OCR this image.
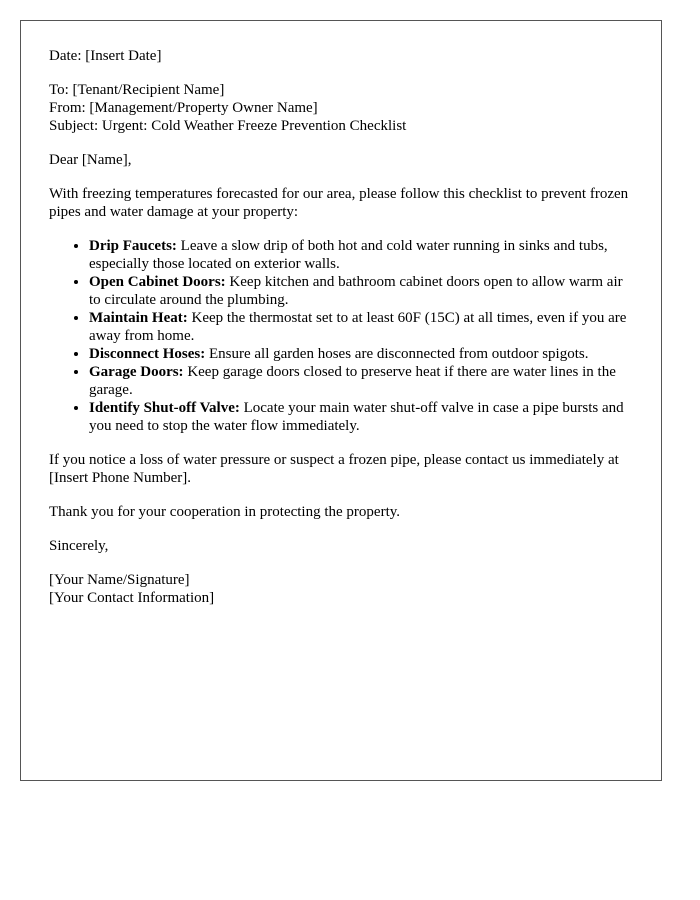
Date: [Insert Date]

To: [Tenant/Recipient Name]
From: [Management/Property Owner Name]
Subject: Urgent: Cold Weather Freeze Prevention Checklist

Dear [Name],

With freezing temperatures forecasted for our area, please follow this checklist to prevent frozen pipes and water damage at your property:

• Drip Faucets: Leave a slow drip of both hot and cold water running in sinks and tubs, especially those located on exterior walls.
• Open Cabinet Doors: Keep kitchen and bathroom cabinet doors open to allow warm air to circulate around the plumbing.
• Maintain Heat: Keep the thermostat set to at least 60F (15C) at all times, even if you are away from home.
• Disconnect Hoses: Ensure all garden hoses are disconnected from outdoor spigots.
• Garage Doors: Keep garage doors closed to preserve heat if there are water lines in the garage.
• Identify Shut-off Valve: Locate your main water shut-off valve in case a pipe bursts and you need to stop the water flow immediately.

If you notice a loss of water pressure or suspect a frozen pipe, please contact us immediately at [Insert Phone Number].

Thank you for your cooperation in protecting the property.

Sincerely,

[Your Name/Signature]
[Your Contact Information]
